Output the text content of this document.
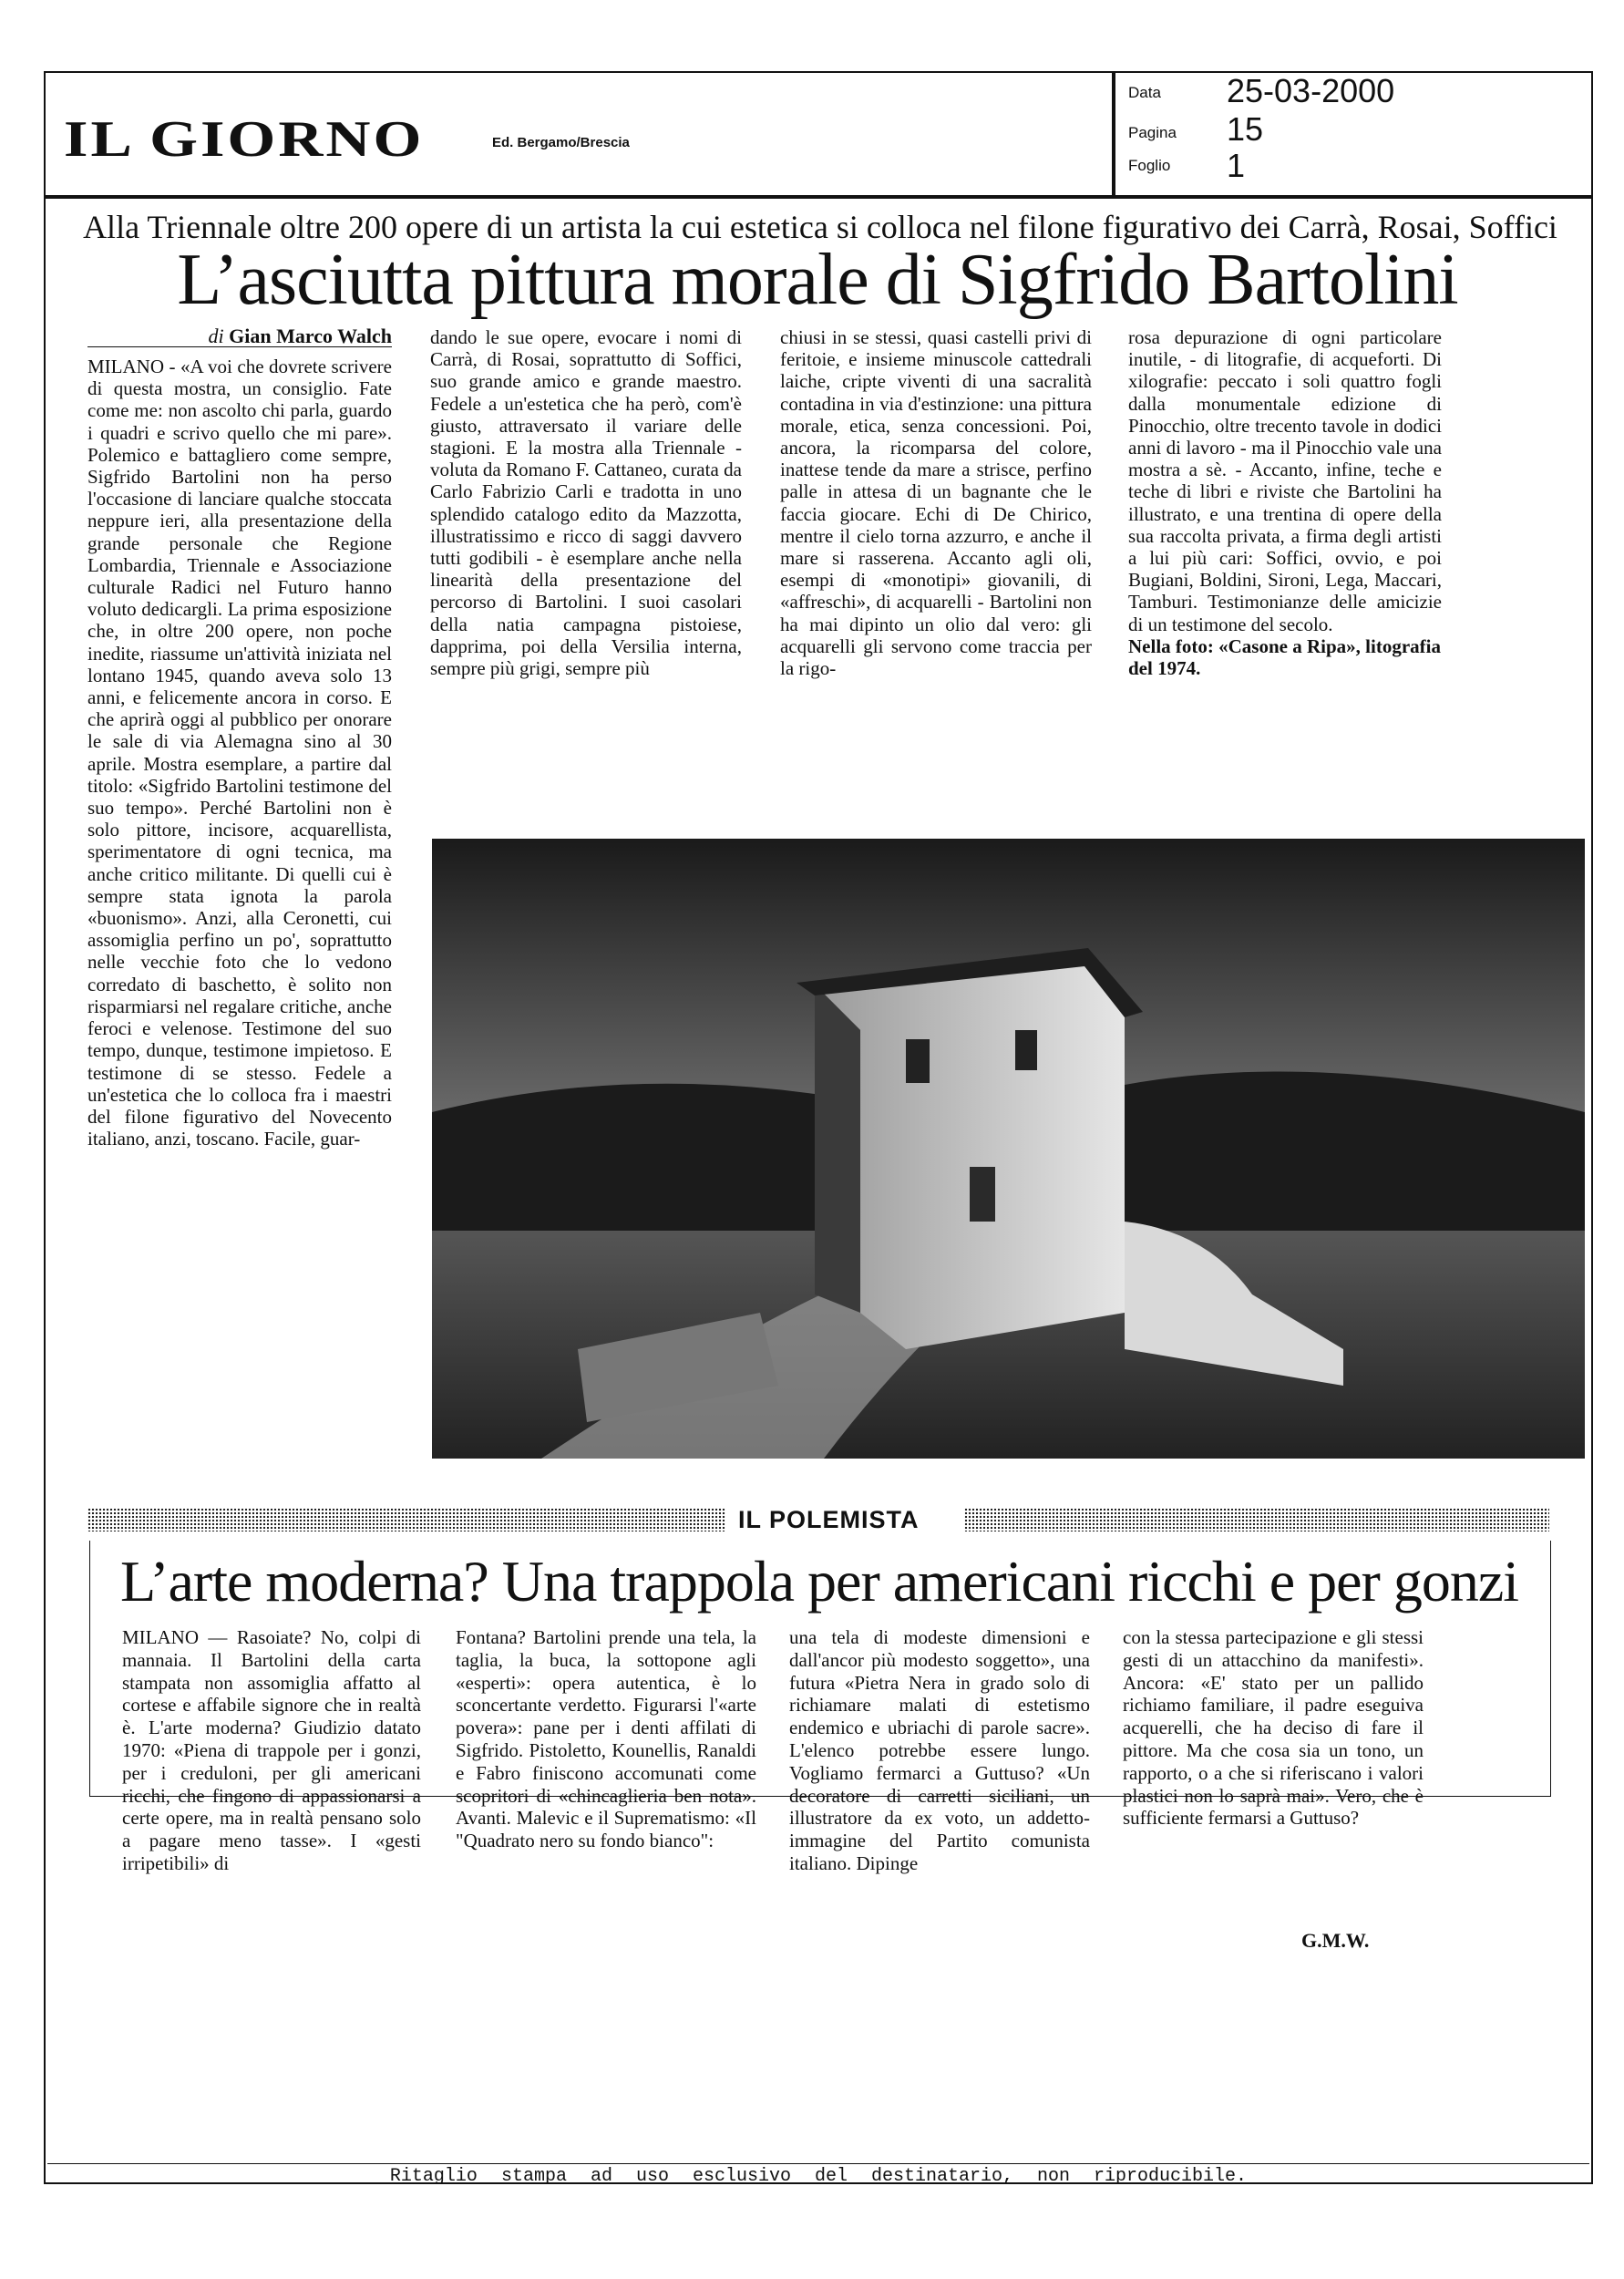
IL GIORNO	Ed. Bergamo/Brescia
Data 25-03-2000
Pagina 15
Foglio 1
Alla Triennale oltre 200 opere di un artista la cui estetica si colloca nel filone figurativo dei Carrà, Rosai, Soffici
L’asciutta pittura morale di Sigfrido Bartolini
di Gian Marco Walch
MILANO - «A voi che dovrete scrivere di questa mostra, un consiglio. Fate come me: non ascolto chi parla, guardo i quadri e scrivo quello che mi pare». Polemico e battagliero come sempre, Sigfrido Bartolini non ha perso l'occasione di lanciare qualche stoccata neppure ieri, alla presentazione della grande personale che Regione Lombardia, Triennale e Associazione culturale Radici nel Futuro hanno voluto dedicargli. La prima esposizione che, in oltre 200 opere, non poche inedite, riassume un'attività iniziata nel lontano 1945, quando aveva solo 13 anni, e felicemente ancora in corso. E che aprirà oggi al pubblico per onorare le sale di via Alemagna sino al 30 aprile. Mostra esemplare, a partire dal titolo: «Sigfrido Bartolini testimone del suo tempo». Perché Bartolini non è solo pittore, incisore, acquarellista, sperimentatore di ogni tecnica, ma anche critico militante. Di quelli cui è sempre stata ignota la parola «buonismo». Anzi, alla Ceronetti, cui assomiglia perfino un po', soprattutto nelle vecchie foto che lo vedono corredato di baschetto, è solito non risparmiarsi nel regalare critiche, anche feroci e velenose. Testimone del suo tempo, dunque, testimone impietoso. E testimone di se stesso. Fedele a un'estetica che lo colloca fra i maestri del filone figurativo del Novecento italiano, anzi, toscano. Facile, guar-
dando le sue opere, evocare i nomi di Carrà, di Rosai, soprattutto di Soffici, suo grande amico e grande maestro. Fedele a un'estetica che ha però, com'è giusto, attraversato il variare delle stagioni. E la mostra alla Triennale - voluta da Romano F. Cattaneo, curata da Carlo Fabrizio Carli e tradotta in uno splendido catalogo edito da Mazzotta, illustratissimo e ricco di saggi davvero tutti godibili - è esemplare anche nella linearità della presentazione del percorso di Bartolini. I suoi casolari della natia campagna pistoiese, dapprima, poi della Versilia interna, sempre più grigi, sempre più
chiusi in se stessi, quasi castelli privi di feritoie, e insieme minuscole cattedrali laiche, cripte viventi di una sacralità contadina in via d'estinzione: una pittura morale, etica, senza concessioni. Poi, ancora, la ricomparsa del colore, inattese tende da mare a strisce, perfino palle in attesa di un bagnante che le faccia giocare. Echi di De Chirico, mentre il cielo torna azzurro, e anche il mare si rasserena. Accanto agli oli, esempi di «monotipi» giovanili, di «affreschi», di acquarelli - Bartolini non ha mai dipinto un olio dal vero: gli acquarelli gli servono come traccia per la rigo-

rosa depurazione di ogni particolare inutile, - di litografie, di acqueforti. Di xilografie: peccato i soli quattro fogli dalla monumentale edizione di Pinocchio, oltre trecento tavole in dodici anni di lavoro - ma il Pinocchio vale una mostra a sè. - Accanto, infine, teche e teche di libri e riviste che Bartolini ha illustrato, e una trentina di opere della sua raccolta privata, a firma degli artisti a lui più cari: Soffici, ovvio, e poi Bugiani, Boldini, Sironi, Lega, Maccari, Tamburi. Testimonianze delle amicizie di un testimone del secolo.

Nella foto: «Casone a Ripa», litografia del 1974.

IL POLEMISTA
L’arte moderna? Una trappola per americani ricchi e per gonzi
MILANO — Rasoiate? No, colpi di mannaia. Il Bartolini della carta stampata non assomiglia affatto al cortese e affabile signore che in realtà è. L'arte moderna? Giudizio datato 1970: «Piena di trappole per i gonzi, per i creduloni, per gli americani ricchi, che fingono di appassionarsi a certe opere, ma in realtà pensano solo a pagare meno tasse». I «gesti irripetibili» di
Fontana? Bartolini prende una tela, la taglia, la buca, la sottopone agli «esperti»: opera autentica, è lo sconcertante verdetto. Figurarsi l'«arte povera»: pane per i denti affilati di Sigfrido. Pistoletto, Kounellis, Ranaldi e Fabro finiscono accomunati come scopritori di «chincaglieria ben nota». Avanti. Malevic e il Suprematismo: «Il "Quadrato nero su fondo bianco":
una tela di modeste dimensioni e dall'ancor più modesto soggetto», una futura «Pietra Nera in grado solo di richiamare malati di estetismo endemico e ubriachi di parole sacre». L'elenco potrebbe essere lungo. Vogliamo fermarci a Guttuso? «Un decoratore di carretti siciliani, un illustratore da ex voto, un addetto-immagine del Partito comunista italiano. Dipinge
con la stessa partecipazione e gli stessi gesti di un attacchino da manifesti». Ancora: «E' stato per un pallido richiamo familiare, il padre eseguiva acquerelli, che ha deciso di fare il pittore. Ma che cosa sia un tono, un rapporto, o a che si riferiscano i valori plastici non lo saprà mai». Vero, che è sufficiente fermarsi a Guttuso?
G.M.W.
Ritaglio stampa ad uso esclusivo del destinatario, non riproducibile.
